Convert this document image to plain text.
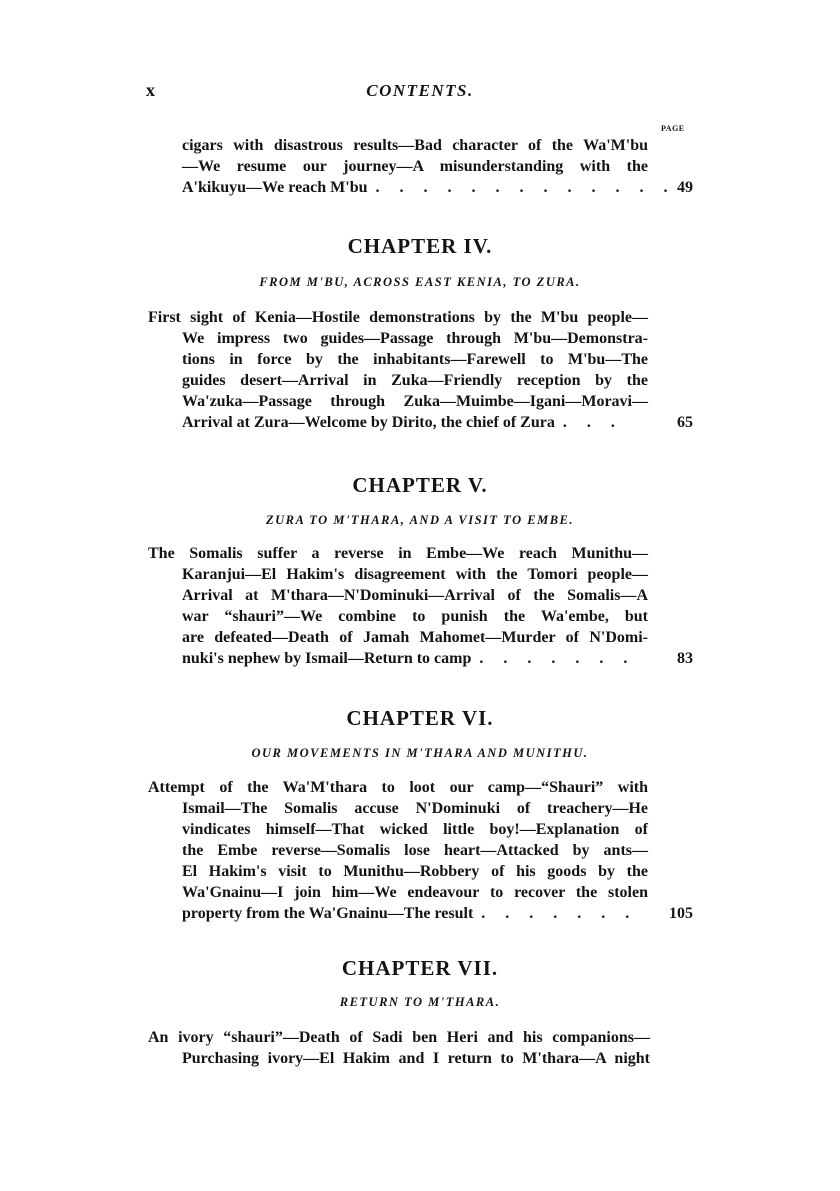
x	CONTENTS.
PAGE
cigars with disastrous results—Bad character of the Wa'M'bu
—We resume our journey—A misunderstanding with the
A'kikuyu—We reach M'bu . . . . . . . . . . . . . 49
CHAPTER IV.
FROM M'BU, ACROSS EAST KENIA, TO ZURA.
First sight of Kenia—Hostile demonstrations by the M'bu people—
We impress two guides—Passage through M'bu—Demonstra-
tions in force by the inhabitants—Farewell to M'bu—The
guides desert—Arrival in Zuka—Friendly reception by the
Wa'zuka—Passage through Zuka—Muimbe—Igani—Moravi—
Arrival at Zura—Welcome by Dirito, the chief of Zura . . .	65
CHAPTER V.
ZURA TO M'THARA, AND A VISIT TO EMBE.
The Somalis suffer a reverse in Embe—We reach Munithu—
Karanjui—El Hakim's disagreement with the Tomori people—
Arrival at M'thara—N'Dominuki—Arrival of the Somalis—A
war “shauri”—We combine to punish the Wa'embe, but
are defeated—Death of Jamah Mahomet—Murder of N'Domi-
nuki's nephew by Ismail—Return to camp . . . . . . .	83
CHAPTER VI.
OUR MOVEMENTS IN M'THARA AND MUNITHU.
Attempt of the Wa'M'thara to loot our camp—“Shauri” with
Ismail—The Somalis accuse N'Dominuki of treachery—He
vindicates himself—That wicked little boy!—Explanation of
the Embe reverse—Somalis lose heart—Attacked by ants—
El Hakim's visit to Munithu—Robbery of his goods by the
Wa'Gnainu—I join him—We endeavour to recover the stolen
property from the Wa'Gnainu—The result . . . . . . . 105
CHAPTER VII.
RETURN TO M'THARA.
An ivory “shauri”—Death of Sadi ben Heri and his companions—
Purchasing ivory—El Hakim and I return to M'thara—A night
